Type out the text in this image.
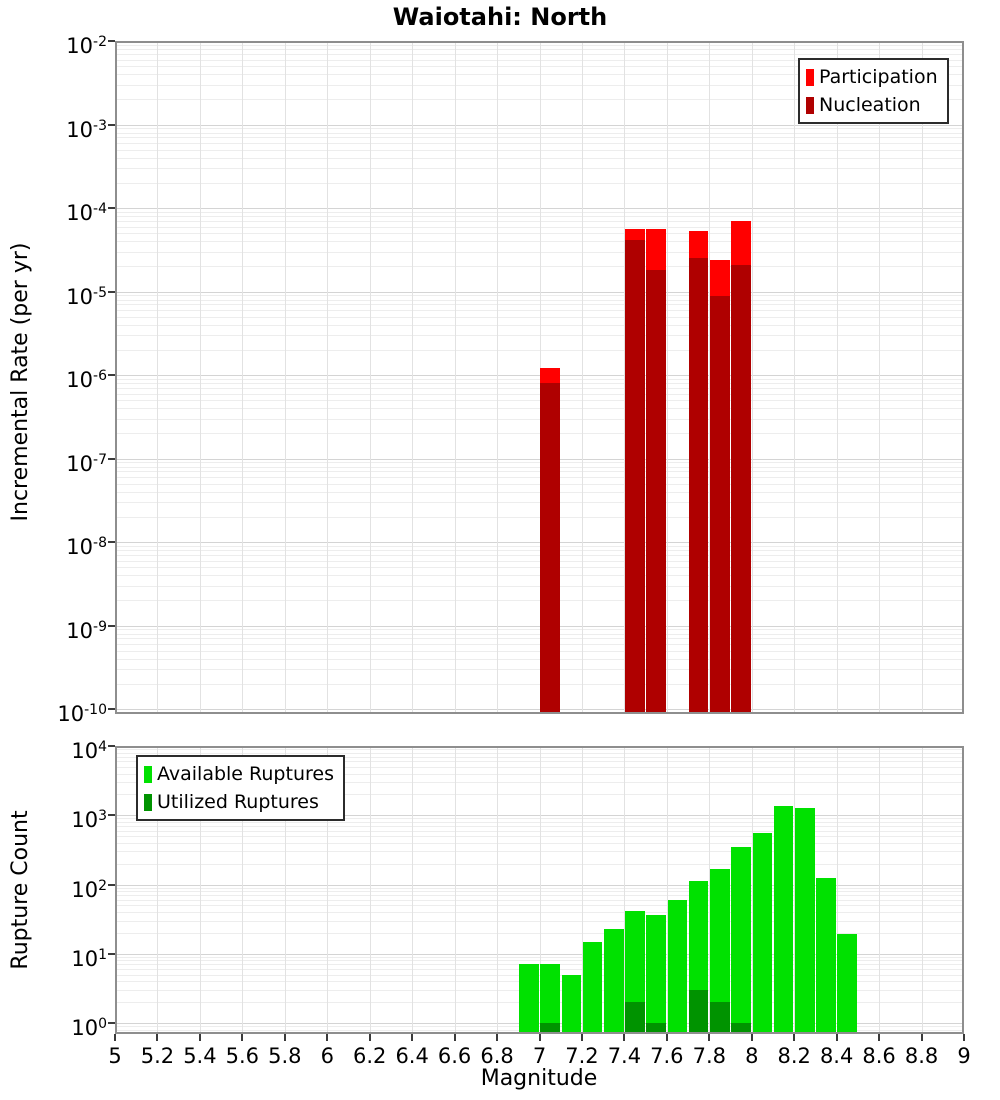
Waiotahi: North
Incremental Rate (per yr)
Rupture Count
Magnitude
Participation
Nucleation
Available Ruptures
Utilized Ruptures
$10^{-2}$
$10^{-3}$
$10^{-4}$
$10^{-5}$
$10^{-6}$
$10^{-7}$
$10^{-8}$
$10^{-9}$
$10^{-10}$
$10^4$
$10^3$
$10^2$
$10^1$
$10^0$
5 5.2 5.4 5.6 5.8 6 6.2 6.4 6.6 6.8 7 7.2 7.4 7.6 7.8 8 8.2 8.4 8.6 8.8 9
